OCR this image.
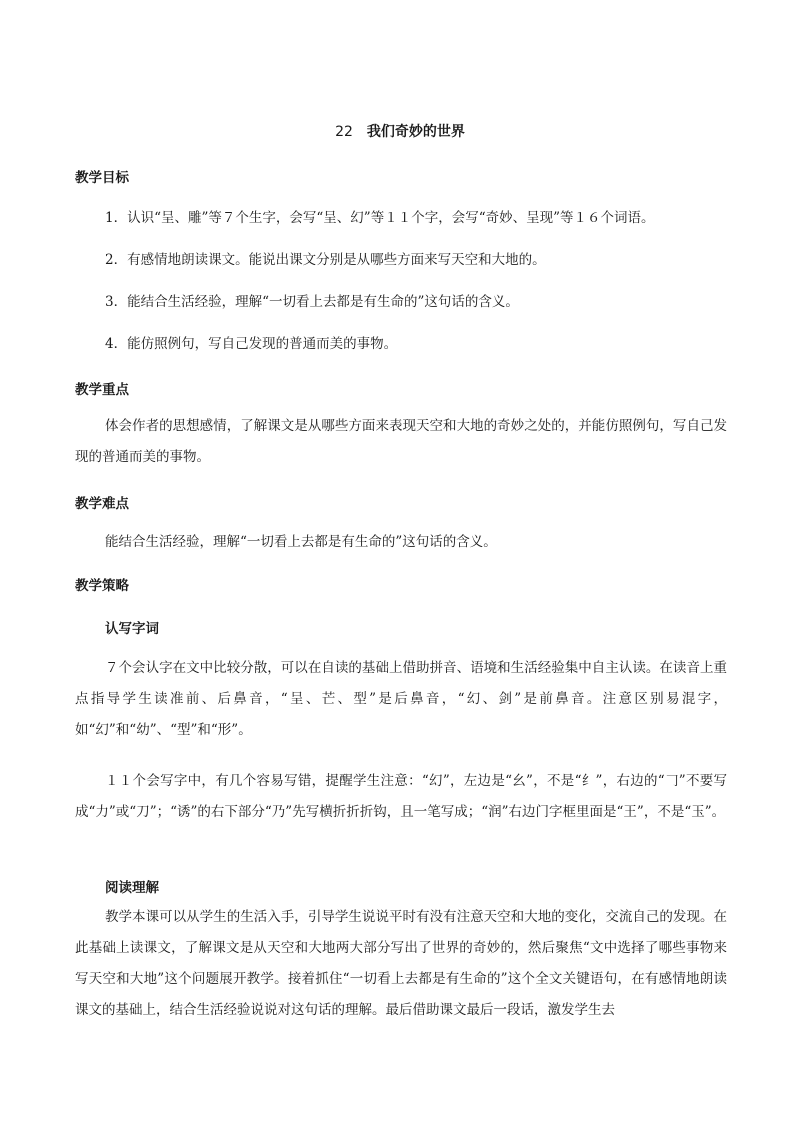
22 我们奇妙的世界
教学目标
1．认识“呈、雕”等７个生字，会写“呈、幻”等１１个字，会写“奇妙、呈现”等１６个词语。
2．有感情地朗读课文。能说出课文分别是从哪些方面来写天空和大地的。
3．能结合生活经验，理解“一切看上去都是有生命的”这句话的含义。
4．能仿照例句，写自己发现的普通而美的事物。
教学重点
体会作者的思想感情，了解课文是从哪些方面来表现天空和大地的奇妙之处的，并能仿照例句，写自己发现的普通而美的事物。
教学难点
能结合生活经验，理解“一切看上去都是有生命的”这句话的含义。
教学策略
认写字词
７个会认字在文中比较分散，可以在自读的基础上借助拼音、语境和生活经验集中自主认读。在读音上重点指导学生读准前、后鼻音，“呈、芒、型”是后鼻音，“幻、剑”是前鼻音。注意区别易混字，如“幻”和“幼”、“型”和“形”。
１１个会写字中，有几个容易写错，提醒学生注意：“幻”，左边是“幺”，不是“纟”，右边的“𠃌”不要写成“力”或“刀”；“诱”的右下部分“乃”先写横折折折钩，且一笔写成；“润”右边门字框里面是“王”，不是“玉”。
阅读理解
教学本课可以从学生的生活入手，引导学生说说平时有没有注意天空和大地的变化，交流自己的发现。在此基础上读课文，了解课文是从天空和大地两大部分写出了世界的奇妙的，然后聚焦“文中选择了哪些事物来写天空和大地”这个问题展开教学。接着抓住“一切看上去都是有生命的”这个全文关键语句，在有感情地朗读课文的基础上，结合生活经验说说对这句话的理解。最后借助课文最后一段话，激发学生去
